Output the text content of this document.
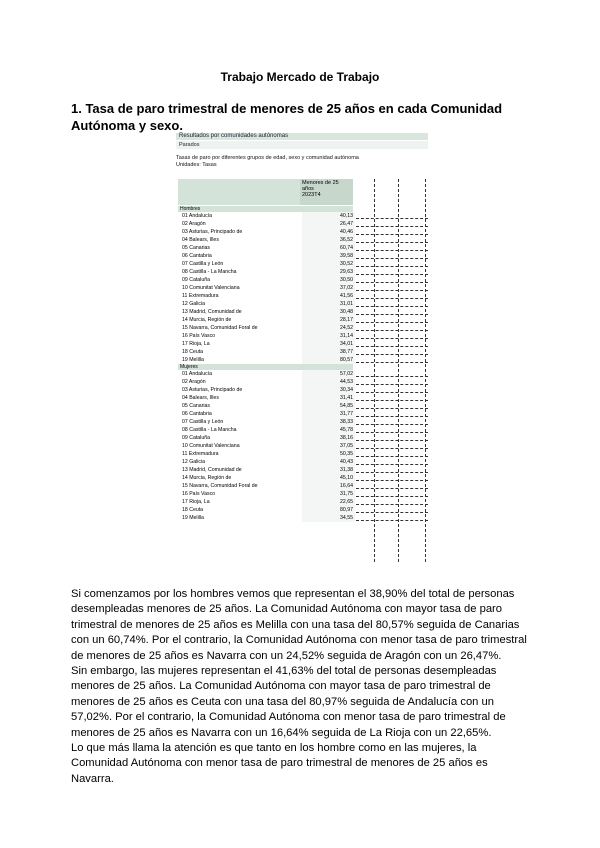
Trabajo Mercado de Trabajo
1. Tasa de paro trimestral de menores de 25 años en cada Comunidad Autónoma y sexo.
Resultados por comunidades autónomas
Parados
Tasas de paro por diferentes grupos de edad, sexo y comunidad autónoma
Unidades: Tasas
Menores de 25 años
2023T4
Hombres
01 Andalucía	40,13
02 Aragón	26,47
03 Asturias, Principado de	40,46
04 Balears, Illes	36,52
05 Canarias	60,74
06 Cantabria	39,58
07 Castilla y León	30,52
08 Castilla - La Mancha	29,63
09 Cataluña	30,50
10 Comunitat Valenciana	37,02
11 Extremadura	41,56
12 Galicia	31,01
13 Madrid, Comunidad de	30,48
14 Murcia, Región de	28,17
15 Navarra, Comunidad Foral de	24,52
16 País Vasco	31,14
17 Rioja, La	34,01
18 Ceuta	38,77
19 Melilla	80,57
Mujeres
01 Andalucía	57,02
02 Aragón	44,53
03 Asturias, Principado de	30,34
04 Balears, Illes	31,41
05 Canarias	54,85
06 Cantabria	31,77
07 Castilla y León	38,33
08 Castilla - La Mancha	45,78
09 Cataluña	38,16
10 Comunitat Valenciana	37,05
11 Extremadura	50,35
12 Galicia	40,43
13 Madrid, Comunidad de	31,38
14 Murcia, Región de	45,10
15 Navarra, Comunidad Foral de	16,64
16 País Vasco	31,75
17 Rioja, La	22,65
18 Ceuta	80,97
19 Melilla	34,55

Si comenzamos por los hombres vemos que representan el 38,90% del total de personas desempleadas menores de 25 años. La Comunidad Autónoma con mayor tasa de paro trimestral de menores de 25 años es Melilla con una tasa del 80,57% seguida de Canarias con un 60,74%. Por el contrario, la Comunidad Autónoma con menor tasa de paro trimestral de menores de 25 años es Navarra con un 24,52% seguida de Aragón con un 26,47%.

Sin embargo, las mujeres representan el 41,63% del total de personas desempleadas menores de 25 años. La Comunidad Autónoma con mayor tasa de paro trimestral de menores de 25 años es Ceuta con una tasa del 80,97% seguida de Andalucía con un 57,02%. Por el contrario, la Comunidad Autónoma con menor tasa de paro trimestral de menores de 25 años es Navarra con un 16,64% seguida de La Rioja con un 22,65%.

Lo que más llama la atención es que tanto en los hombre como en las mujeres, la Comunidad Autónoma con menor tasa de paro trimestral de menores de 25 años es Navarra.
